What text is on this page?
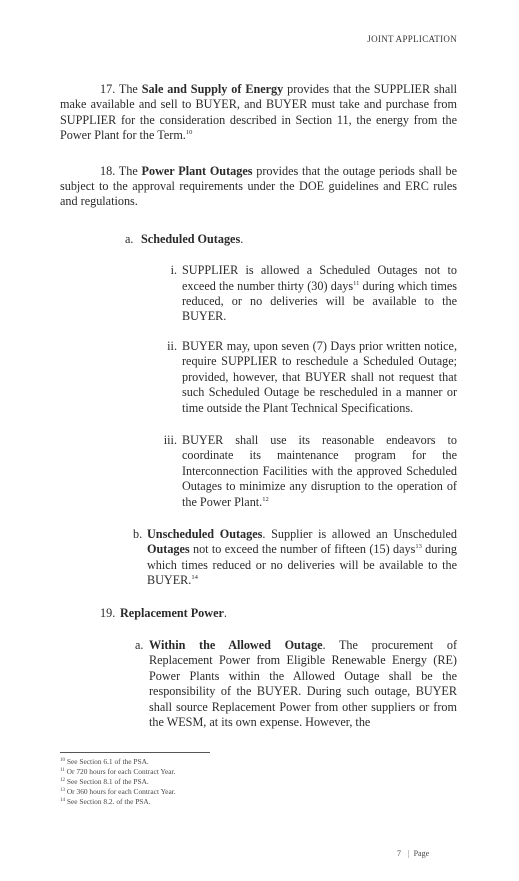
JOINT APPLICATION

17. The Sale and Supply of Energy provides that the SUPPLIER shall make available and sell to BUYER, and BUYER must take and purchase from SUPPLIER for the consideration described in Section 11, the energy from the Power Plant for the Term.$^{10}$

18. The Power Plant Outages provides that the outage periods shall be subject to the approval requirements under the DOE guidelines and ERC rules and regulations.

a. Scheduled Outages.
i. SUPPLIER is allowed a Scheduled Outages not to exceed the number thirty (30) days$^{11}$ during which times reduced, or no deliveries will be available to the BUYER.
ii. BUYER may, upon seven (7) Days prior written notice, require SUPPLIER to reschedule a Scheduled Outage; provided, however, that BUYER shall not request that such Scheduled Outage be rescheduled in a manner or time outside the Plant Technical Specifications.
iii. BUYER shall use its reasonable endeavors to coordinate its maintenance program for the Interconnection Facilities with the approved Scheduled Outages to minimize any disruption to the operation of the Power Plant.$^{12}$
b. Unscheduled Outages. Supplier is allowed an Unscheduled Outages not to exceed the number of fifteen (15) days$^{13}$ during which times reduced or no deliveries will be available to the BUYER.$^{14}$
19. Replacement Power.
a. Within the Allowed Outage. The procurement of Replacement Power from Eligible Renewable Energy (RE) Power Plants within the Allowed Outage shall be the responsibility of the BUYER. During such outage, BUYER shall source Replacement Power from other suppliers or from the WESM, at its own expense. However, the
$^{10}$ See Section 6.1 of the PSA.
$^{11}$ Or 720 hours for each Contract Year.
$^{12}$ See Section 8.1 of the PSA.
$^{13}$ Or 360 hours for each Contract Year.
$^{14}$ See Section 8.2. of the PSA.
7 | Page
